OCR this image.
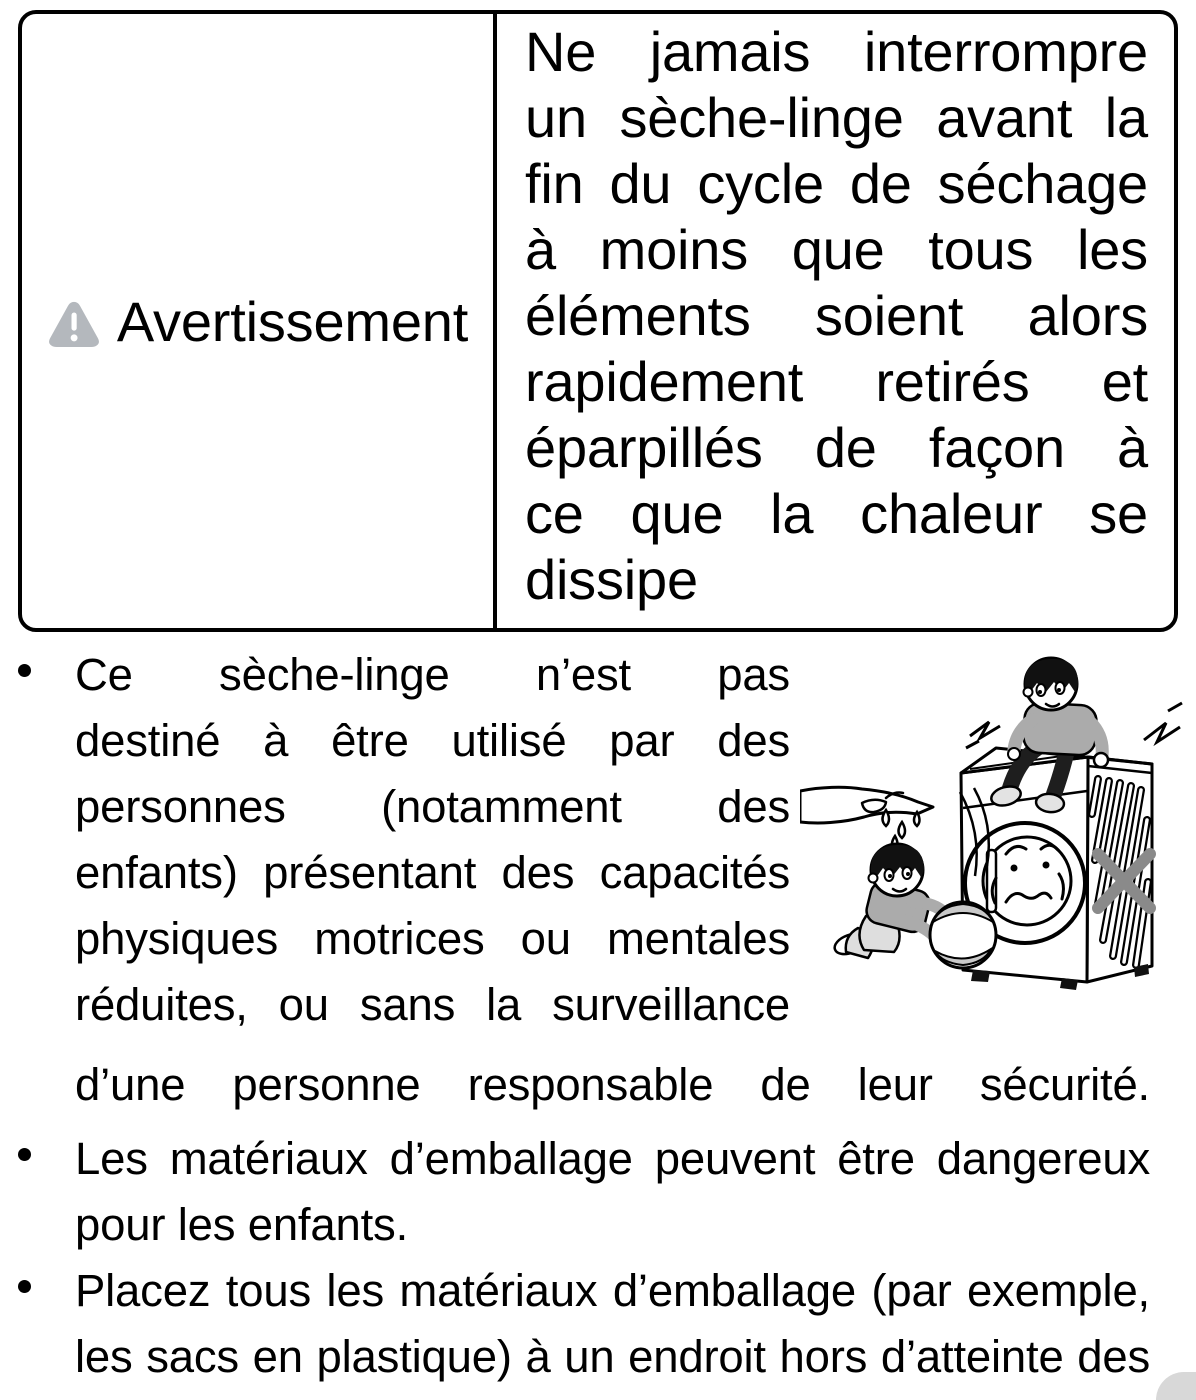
Avertissement
Ne jamais interrompre
un sèche-linge avant la
fin du cycle de séchage
à moins que tous les
éléments soient alors
rapidement retirés et
éparpillés de façon à
ce que la chaleur se
dissipe
Ce sèche-linge n’est pas
destiné à être utilisé par des
personnes (notamment des
enfants) présentant des capacités
physiques motrices ou mentales
réduites, ou sans la surveillance
d’une personne responsable de leur sécurité.
Les matériaux d’emballage peuvent être dangereux
pour les enfants.
Placez tous les matériaux d’emballage (par exemple,
les sacs en plastique) à un endroit hors d’atteinte des
